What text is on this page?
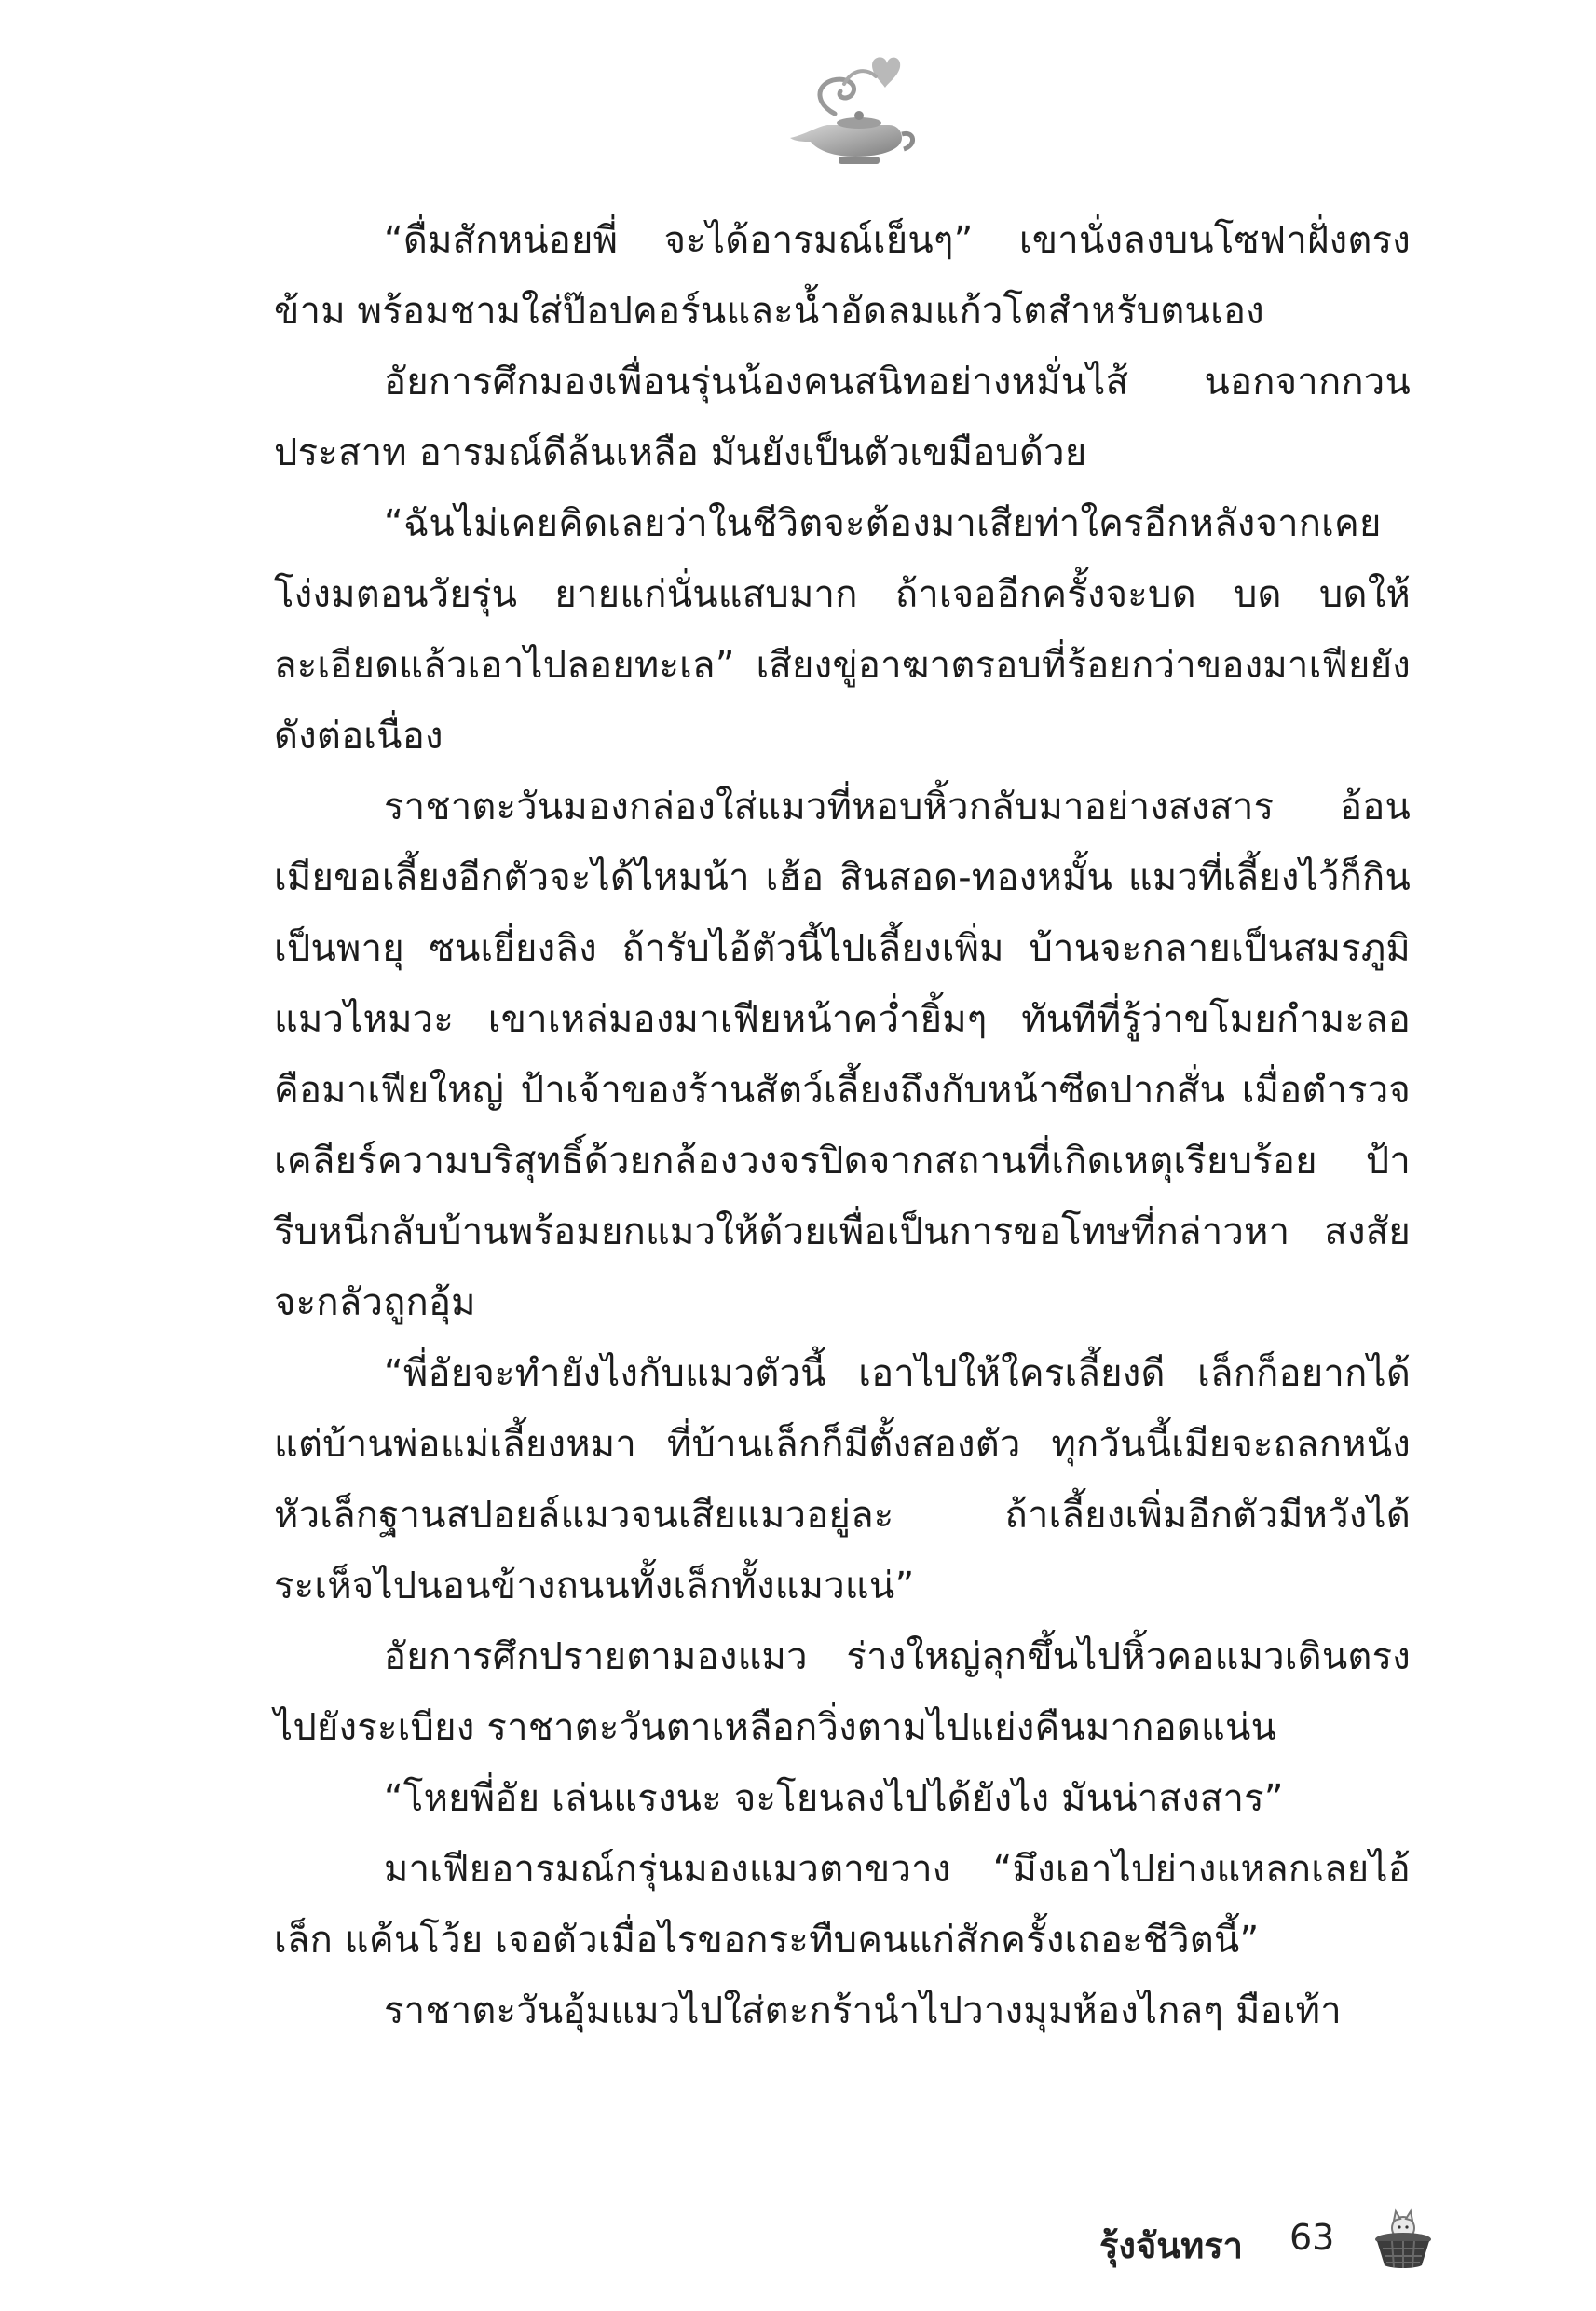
“ดื่มสักหน่อยพี่ จะได้อารมณ์เย็นๆ” เขานั่งลงบนโซฟาฝั่งตรงข้าม พร้อมชามใส่ป๊อปคอร์นและน้ำอัดลมแก้วโตสำหรับตนเอง

อัยการศึกมองเพื่อนรุ่นน้องคนสนิทอย่างหมั่นไส้ นอกจากกวนประสาท อารมณ์ดีล้นเหลือ มันยังเป็นตัวเขมือบด้วย

“ฉันไม่เคยคิดเลยว่าในชีวิตจะต้องมาเสียท่าใครอีกหลังจากเคยโง่งมตอนวัยรุ่น ยายแก่นั่นแสบมาก ถ้าเจออีกครั้งจะบด บด บดให้ละเอียดแล้วเอาไปลอยทะเล” เสียงขู่อาฆาตรอบที่ร้อยกว่าของมาเฟียยังดังต่อเนื่อง

ราชาตะวันมองกล่องใส่แมวที่หอบหิ้วกลับมาอย่างสงสาร อ้อนเมียขอเลี้ยงอีกตัวจะได้ไหมน้า เฮ้อ สินสอด-ทองหมั้น แมวที่เลี้ยงไว้ก็กินเป็นพายุ ซนเยี่ยงลิง ถ้ารับไอ้ตัวนี้ไปเลี้ยงเพิ่ม บ้านจะกลายเป็นสมรภูมิแมวไหมวะ เขาเหล่มองมาเฟียหน้าคว่ำยิ้มๆ ทันทีที่รู้ว่าขโมยกำมะลอคือมาเฟียใหญ่ ป้าเจ้าของร้านสัตว์เลี้ยงถึงกับหน้าซีดปากสั่น เมื่อตำรวจเคลียร์ความบริสุทธิ์ด้วยกล้องวงจรปิดจากสถานที่เกิดเหตุเรียบร้อย ป้ารีบหนีกลับบ้านพร้อมยกแมวให้ด้วยเพื่อเป็นการขอโทษที่กล่าวหา สงสัยจะกลัวถูกอุ้ม

“พี่อัยจะทำยังไงกับแมวตัวนี้ เอาไปให้ใครเลี้ยงดี เล็กก็อยากได้ แต่บ้านพ่อแม่เลี้ยงหมา ที่บ้านเล็กก็มีตั้งสองตัว ทุกวันนี้เมียจะถลกหนังหัวเล็กฐานสปอยล์แมวจนเสียแมวอยู่ละ ถ้าเลี้ยงเพิ่มอีกตัวมีหวังได้ระเห็จไปนอนข้างถนนทั้งเล็กทั้งแมวแน่”

อัยการศึกปรายตามองแมว ร่างใหญ่ลุกขึ้นไปหิ้วคอแมวเดินตรงไปยังระเบียง ราชาตะวันตาเหลือกวิ่งตามไปแย่งคืนมากอดแน่น

“โหยพี่อัย เล่นแรงนะ จะโยนลงไปได้ยังไง มันน่าสงสาร”

มาเฟียอารมณ์กรุ่นมองแมวตาขวาง “มึงเอาไปย่างแหลกเลยไอ้เล็ก แค้นโว้ย เจอตัวเมื่อไรขอกระทืบคนแก่สักครั้งเถอะชีวิตนี้”

ราชาตะวันอุ้มแมวไปใส่ตะกร้านำไปวางมุมห้องไกลๆ มือเท้า

รุ้งจันทรา 63
